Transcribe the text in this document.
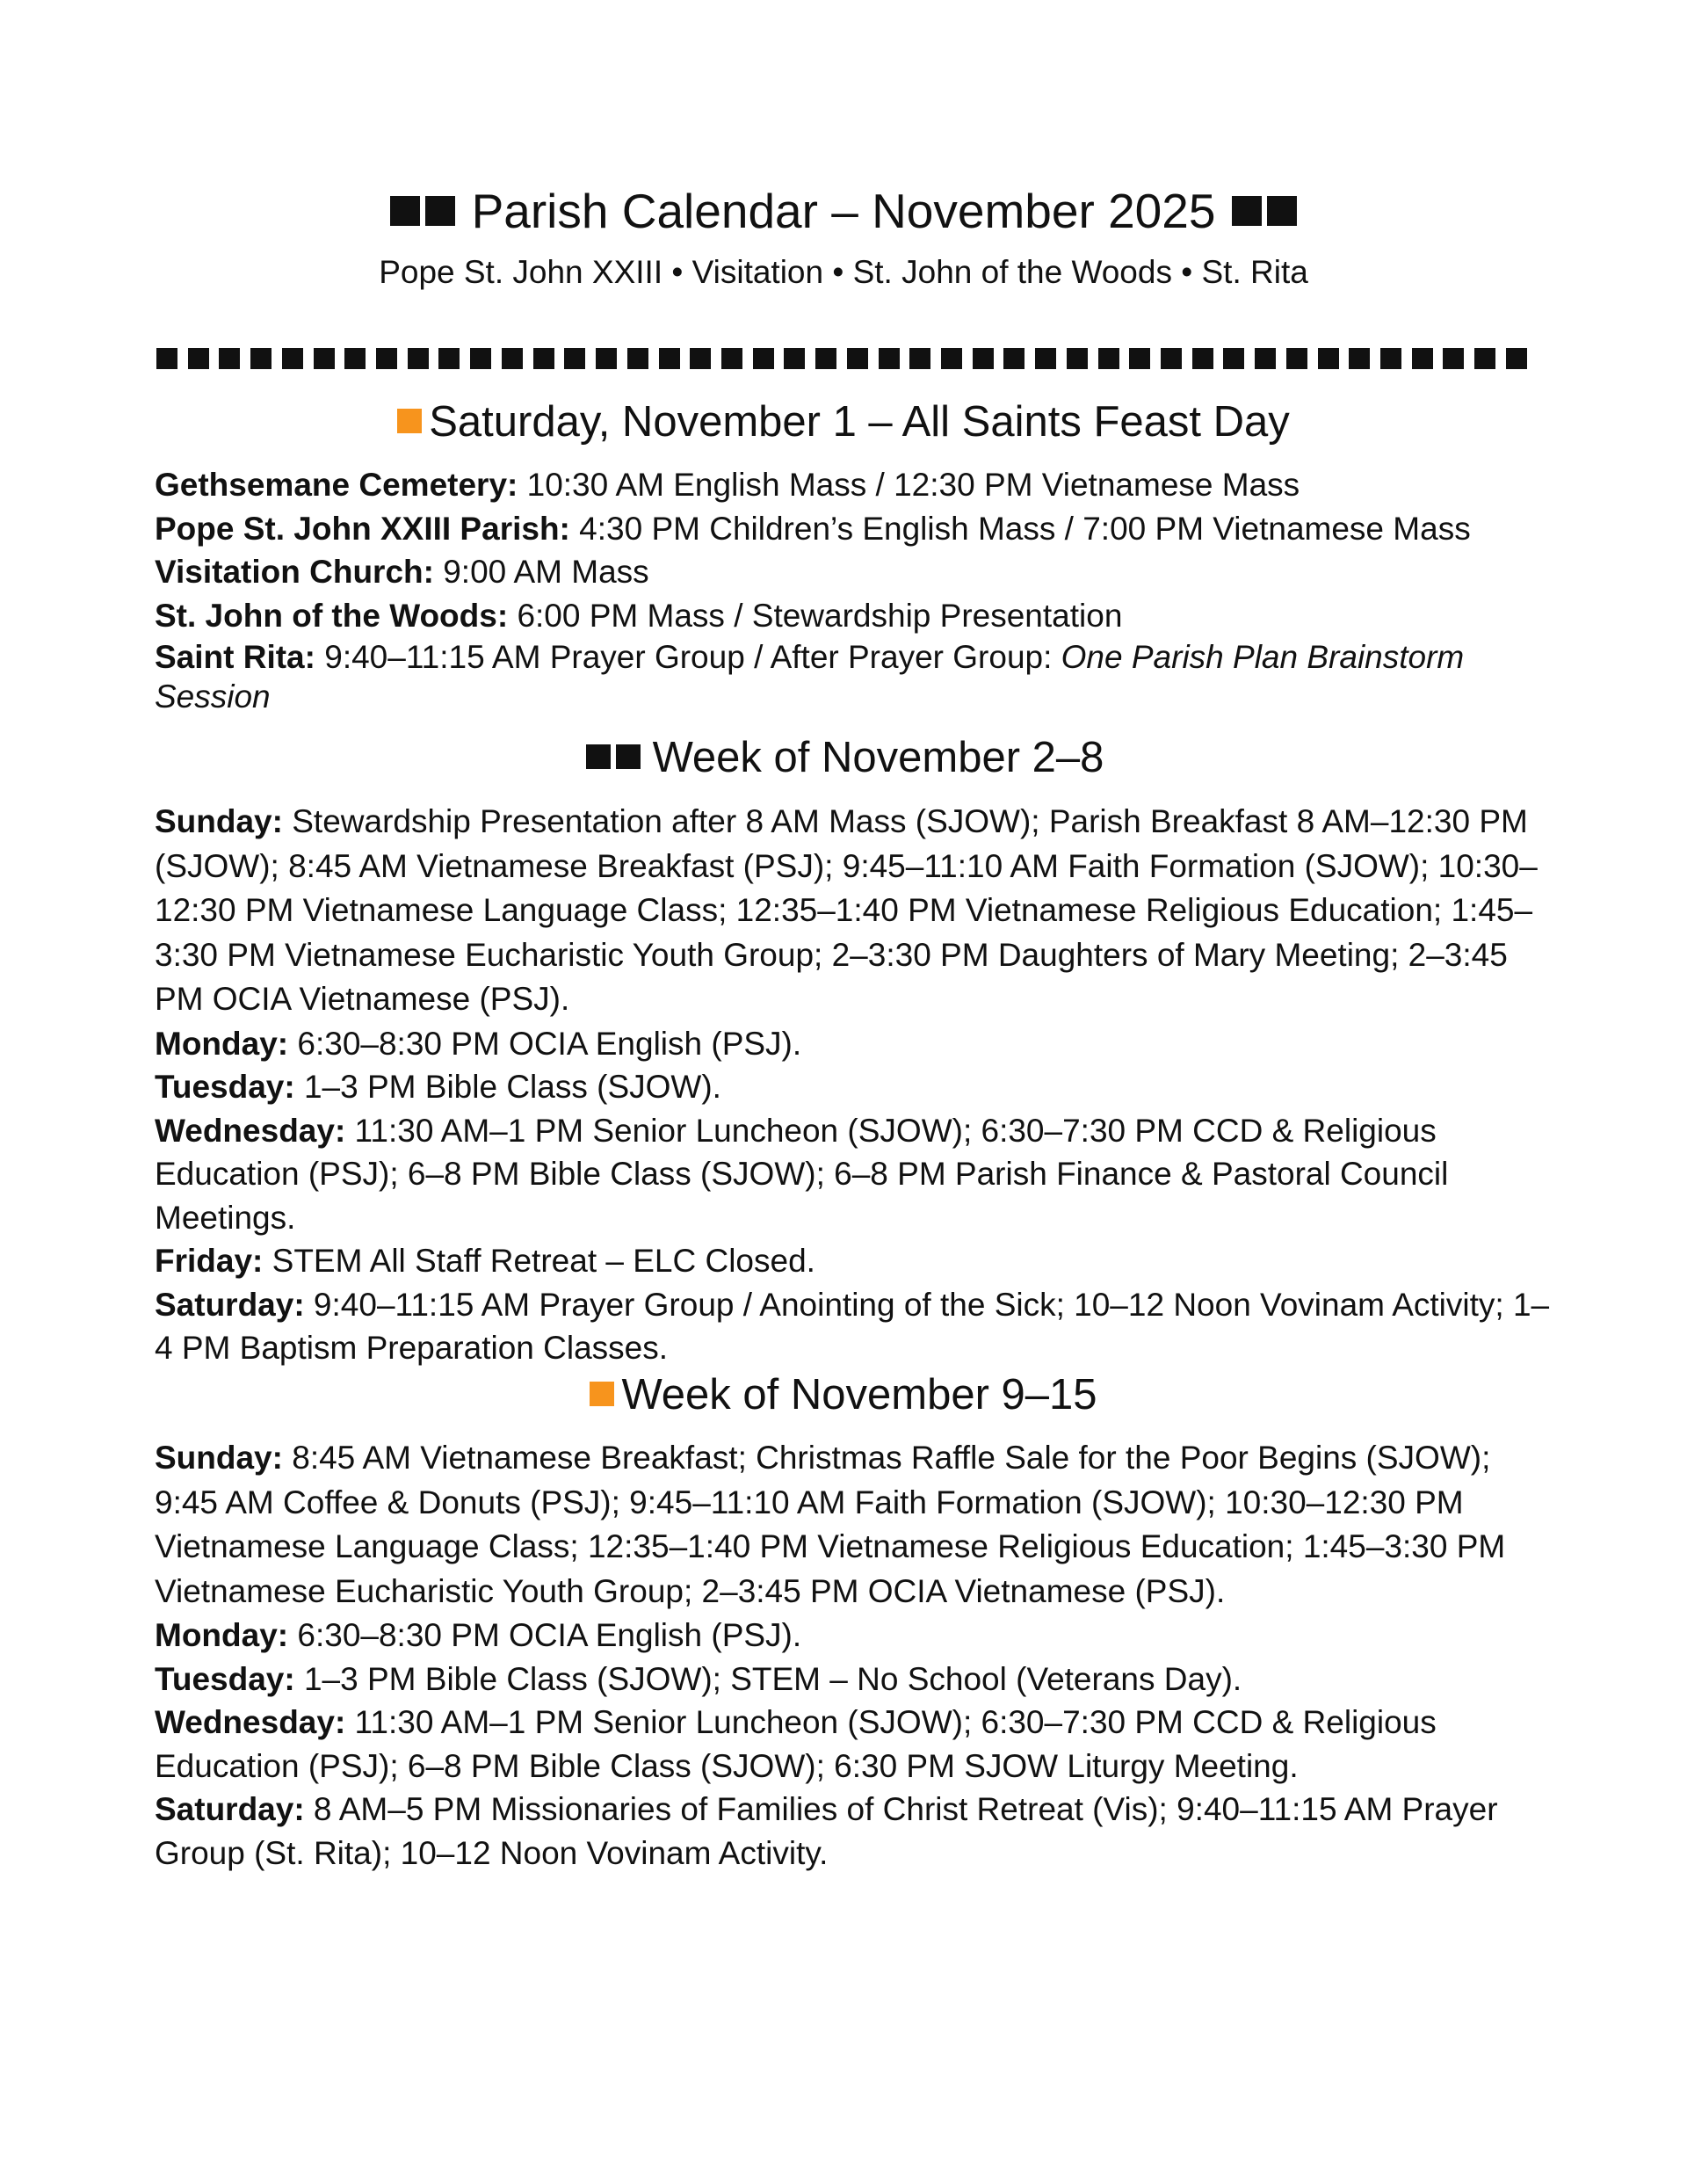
Parish Calendar – November 2025
Pope St. John XXIII • Visitation • St. John of the Woods • St. Rita
Saturday, November 1 – All Saints Feast Day
Gethsemane Cemetery: 10:30 AM English Mass / 12:30 PM Vietnamese Mass
Pope St. John XXIII Parish: 4:30 PM Children’s English Mass / 7:00 PM Vietnamese Mass
Visitation Church: 9:00 AM Mass
St. John of the Woods: 6:00 PM Mass / Stewardship Presentation
Saint Rita: 9:40–11:15 AM Prayer Group / After Prayer Group: One Parish Plan Brainstorm Session
Week of November 2–8
Sunday: Stewardship Presentation after 8 AM Mass (SJOW); Parish Breakfast 8 AM–12:30 PM (SJOW); 8:45 AM Vietnamese Breakfast (PSJ); 9:45–11:10 AM Faith Formation (SJOW); 10:30–12:30 PM Vietnamese Language Class; 12:35–1:40 PM Vietnamese Religious Education; 1:45–3:30 PM Vietnamese Eucharistic Youth Group; 2–3:30 PM Daughters of Mary Meeting; 2–3:45 PM OCIA Vietnamese (PSJ).
Monday: 6:30–8:30 PM OCIA English (PSJ).
Tuesday: 1–3 PM Bible Class (SJOW).
Wednesday: 11:30 AM–1 PM Senior Luncheon (SJOW); 6:30–7:30 PM CCD & Religious Education (PSJ); 6–8 PM Bible Class (SJOW); 6–8 PM Parish Finance & Pastoral Council Meetings.
Friday: STEM All Staff Retreat – ELC Closed.
Saturday: 9:40–11:15 AM Prayer Group / Anointing of the Sick; 10–12 Noon Vovinam Activity; 1–4 PM Baptism Preparation Classes.
Week of November 9–15
Sunday: 8:45 AM Vietnamese Breakfast; Christmas Raffle Sale for the Poor Begins (SJOW); 9:45 AM Coffee & Donuts (PSJ); 9:45–11:10 AM Faith Formation (SJOW); 10:30–12:30 PM Vietnamese Language Class; 12:35–1:40 PM Vietnamese Religious Education; 1:45–3:30 PM Vietnamese Eucharistic Youth Group; 2–3:45 PM OCIA Vietnamese (PSJ).
Monday: 6:30–8:30 PM OCIA English (PSJ).
Tuesday: 1–3 PM Bible Class (SJOW); STEM – No School (Veterans Day).
Wednesday: 11:30 AM–1 PM Senior Luncheon (SJOW); 6:30–7:30 PM CCD & Religious Education (PSJ); 6–8 PM Bible Class (SJOW); 6:30 PM SJOW Liturgy Meeting.
Saturday: 8 AM–5 PM Missionaries of Families of Christ Retreat (Vis); 9:40–11:15 AM Prayer Group (St. Rita); 10–12 Noon Vovinam Activity.
